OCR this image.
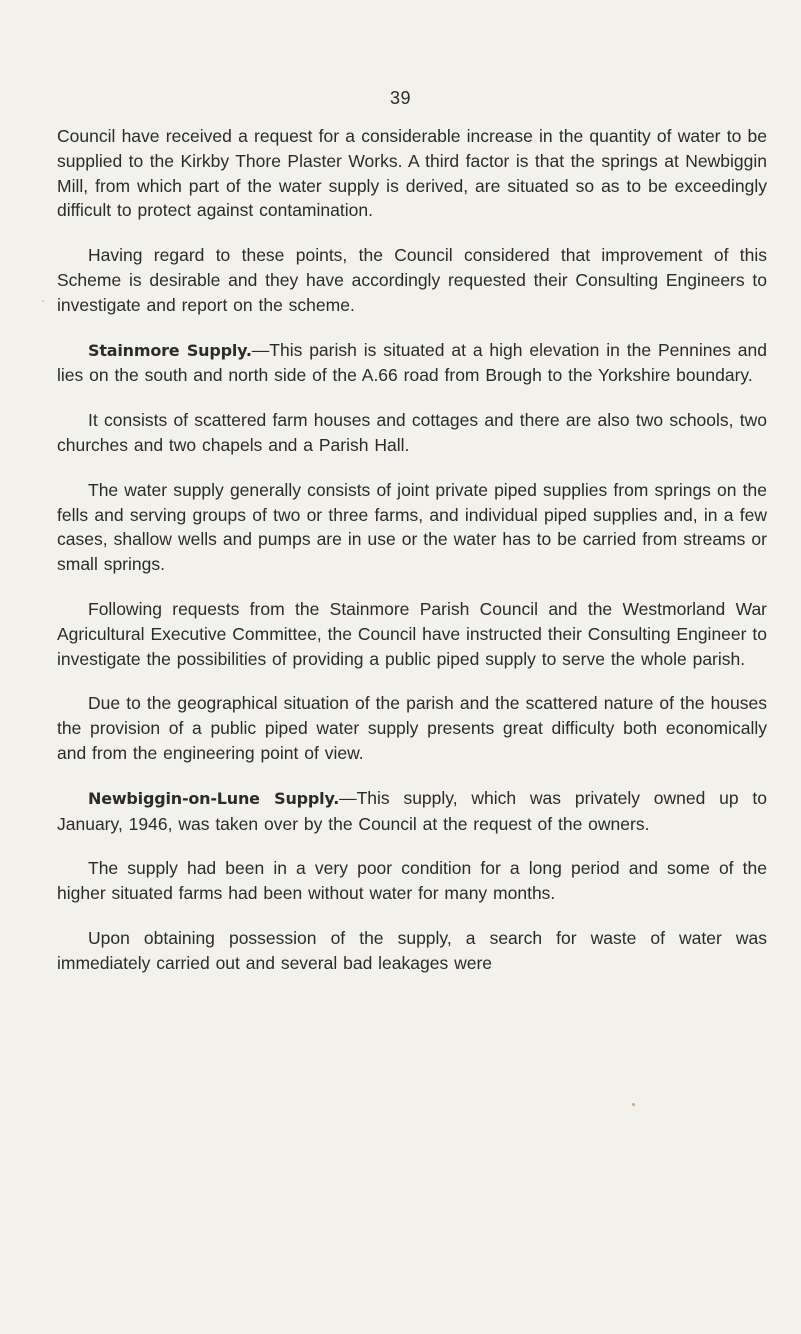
39

Council have received a request for a considerable increase in the quantity of water to be supplied to the Kirkby Thore Plaster Works. A third factor is that the springs at Newbiggin Mill, from which part of the water supply is derived, are situated so as to be exceedingly difficult to protect against contamination.

Having regard to these points, the Council considered that improvement of this Scheme is desirable and they have accordingly requested their Consulting Engineers to investigate and report on the scheme.

Stainmore Supply.—This parish is situated at a high elevation in the Pennines and lies on the south and north side of the A.66 road from Brough to the Yorkshire boundary.

It consists of scattered farm houses and cottages and there are also two schools, two churches and two chapels and a Parish Hall.

The water supply generally consists of joint private piped supplies from springs on the fells and serving groups of two or three farms, and individual piped supplies and, in a few cases, shallow wells and pumps are in use or the water has to be carried from streams or small springs.

Following requests from the Stainmore Parish Council and the Westmorland War Agricultural Executive Committee, the Council have instructed their Consulting Engineer to investigate the possibilities of providing a public piped supply to serve the whole parish.

Due to the geographical situation of the parish and the scattered nature of the houses the provision of a public piped water supply presents great difficulty both economically and from the engineering point of view.

Newbiggin-on-Lune Supply.—This supply, which was privately owned up to January, 1946, was taken over by the Council at the request of the owners.

The supply had been in a very poor condition for a long period and some of the higher situated farms had been without water for many months.

Upon obtaining possession of the supply, a search for waste of water was immediately carried out and several bad leakages were
